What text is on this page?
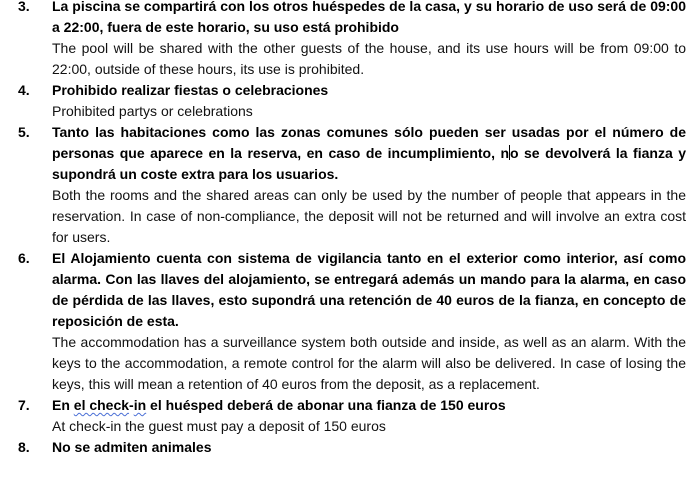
3. La piscina se compartirá con los otros huéspedes de la casa, y su horario de uso será de 09:00 a 22:00, fuera de este horario, su uso está prohibido
The pool will be shared with the other guests of the house, and its use hours will be from 09:00 to 22:00, outside of these hours, its use is prohibited.
4. Prohibido realizar fiestas o celebraciones
Prohibited partys or celebrations
5. Tanto las habitaciones como las zonas comunes sólo pueden ser usadas por el número de personas que aparece en la reserva, en caso de incumplimiento, no se devolverá la fianza y supondrá un coste extra para los usuarios.
Both the rooms and the shared areas can only be used by the number of people that appears in the reservation. In case of non-compliance, the deposit will not be returned and will involve an extra cost for users.
6. El Alojamiento cuenta con sistema de vigilancia tanto en el exterior como interior, así como alarma. Con las llaves del alojamiento, se entregará además un mando para la alarma, en caso de pérdida de las llaves, esto supondrá una retención de 40 euros de la fianza, en concepto de reposición de esta.
The accommodation has a surveillance system both outside and inside, as well as an alarm. With the keys to the accommodation, a remote control for the alarm will also be delivered. In case of losing the keys, this will mean a retention of 40 euros from the deposit, as a replacement.
7. En el check-in el huésped deberá de abonar una fianza de 150 euros
At check-in the guest must pay a deposit of 150 euros
8. No se admiten animales
